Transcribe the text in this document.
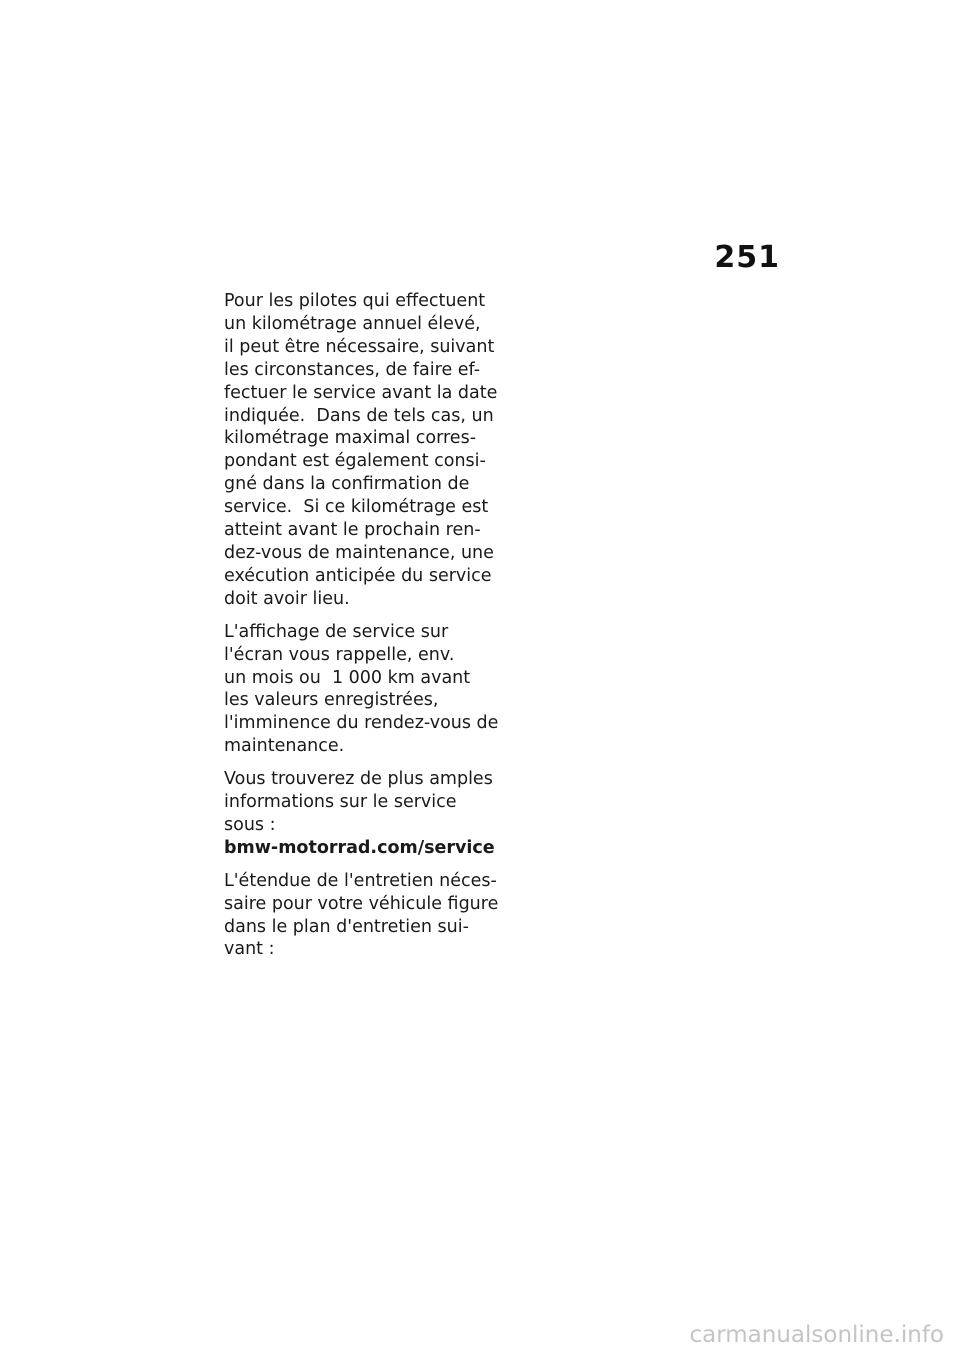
251

Pour les pilotes qui effectuent
un kilométrage annuel élevé,
il peut être nécessaire, suivant
les circonstances, de faire ef-
fectuer le service avant la date
indiquée.  Dans de tels cas, un
kilométrage maximal corres-
pondant est également consi-
gné dans la confirmation de
service.  Si ce kilométrage est
atteint avant le prochain ren-
dez-vous de maintenance, une
exécution anticipée du service
doit avoir lieu.

L'affichage de service sur
l'écran vous rappelle, env.
un mois ou  1 000 km avant
les valeurs enregistrées,
l'imminence du rendez-vous de
maintenance.

Vous trouverez de plus amples
informations sur le service
sous :
bmw-motorrad.com/service

L'étendue de l'entretien néces-
saire pour votre véhicule figure
dans le plan d'entretien sui-
vant :

carmanualsonline.info
